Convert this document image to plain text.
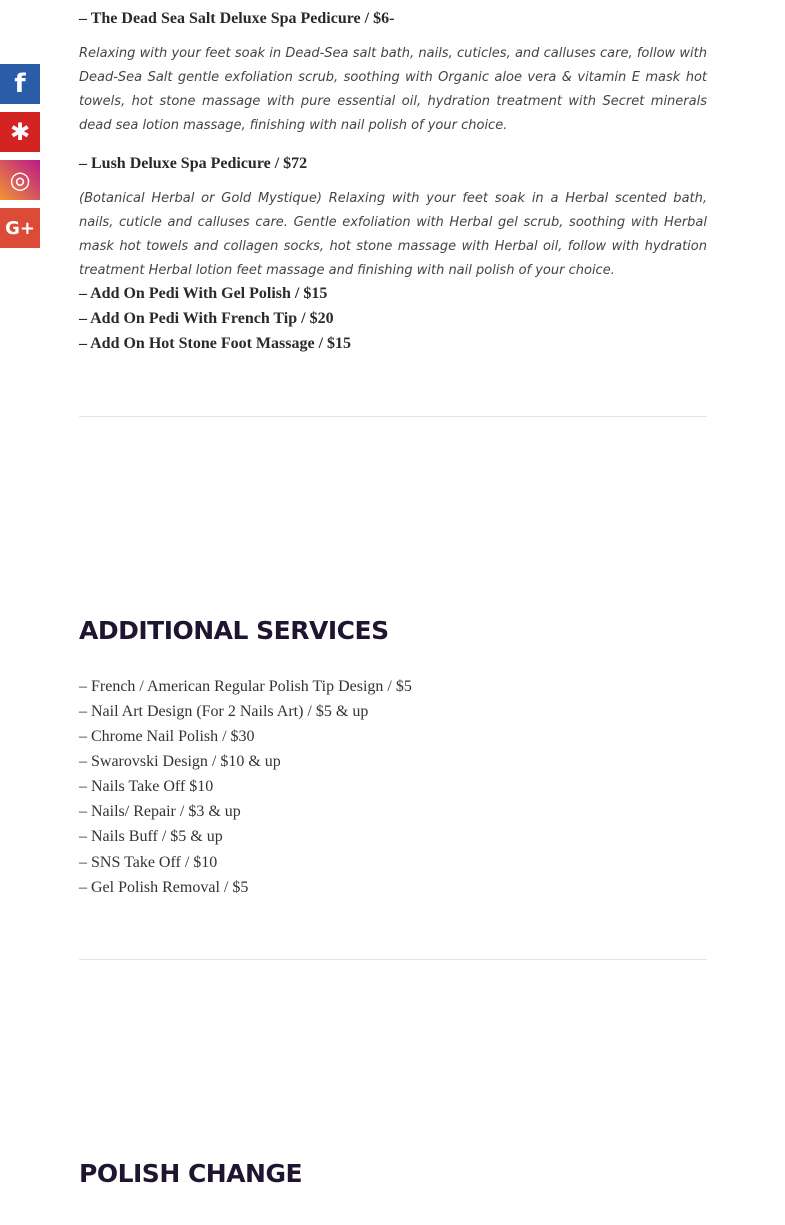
f
✱
◎
G+
– The Dead Sea Salt Deluxe Spa Pedicure / $6-
Relaxing with your feet soak in Dead-Sea salt bath, nails, cuticles, and calluses care, follow with Dead-Sea Salt gentle exfoliation scrub, soothing with Organic aloe vera & vitamin E mask hot towels, hot stone massage with pure essential oil, hydration treatment with Secret minerals dead sea lotion massage, finishing with nail polish of your choice.
– Lush Deluxe Spa Pedicure / $72
(Botanical Herbal or Gold Mystique) Relaxing with your feet soak in a Herbal scented bath, nails, cuticle and calluses care. Gentle exfoliation with Herbal gel scrub, soothing with Herbal mask hot towels and collagen socks, hot stone massage with Herbal oil, follow with hydration treatment Herbal lotion feet massage and finishing with nail polish of your choice.
– Add On Pedi With Gel Polish / $15
– Add On Pedi With French Tip / $20
– Add On Hot Stone Foot Massage / $15
ADDITIONAL SERVICES
– French / American Regular Polish Tip Design / $5
– Nail Art Design (For 2 Nails Art) / $5 & up
– Chrome Nail Polish / $30
– Swarovski Design / $10 & up
– Nails Take Off $10
– Nails/ Repair / $3 & up
– Nails Buff / $5 & up
– SNS Take Off / $10
– Gel Polish Removal / $5
POLISH CHANGE
